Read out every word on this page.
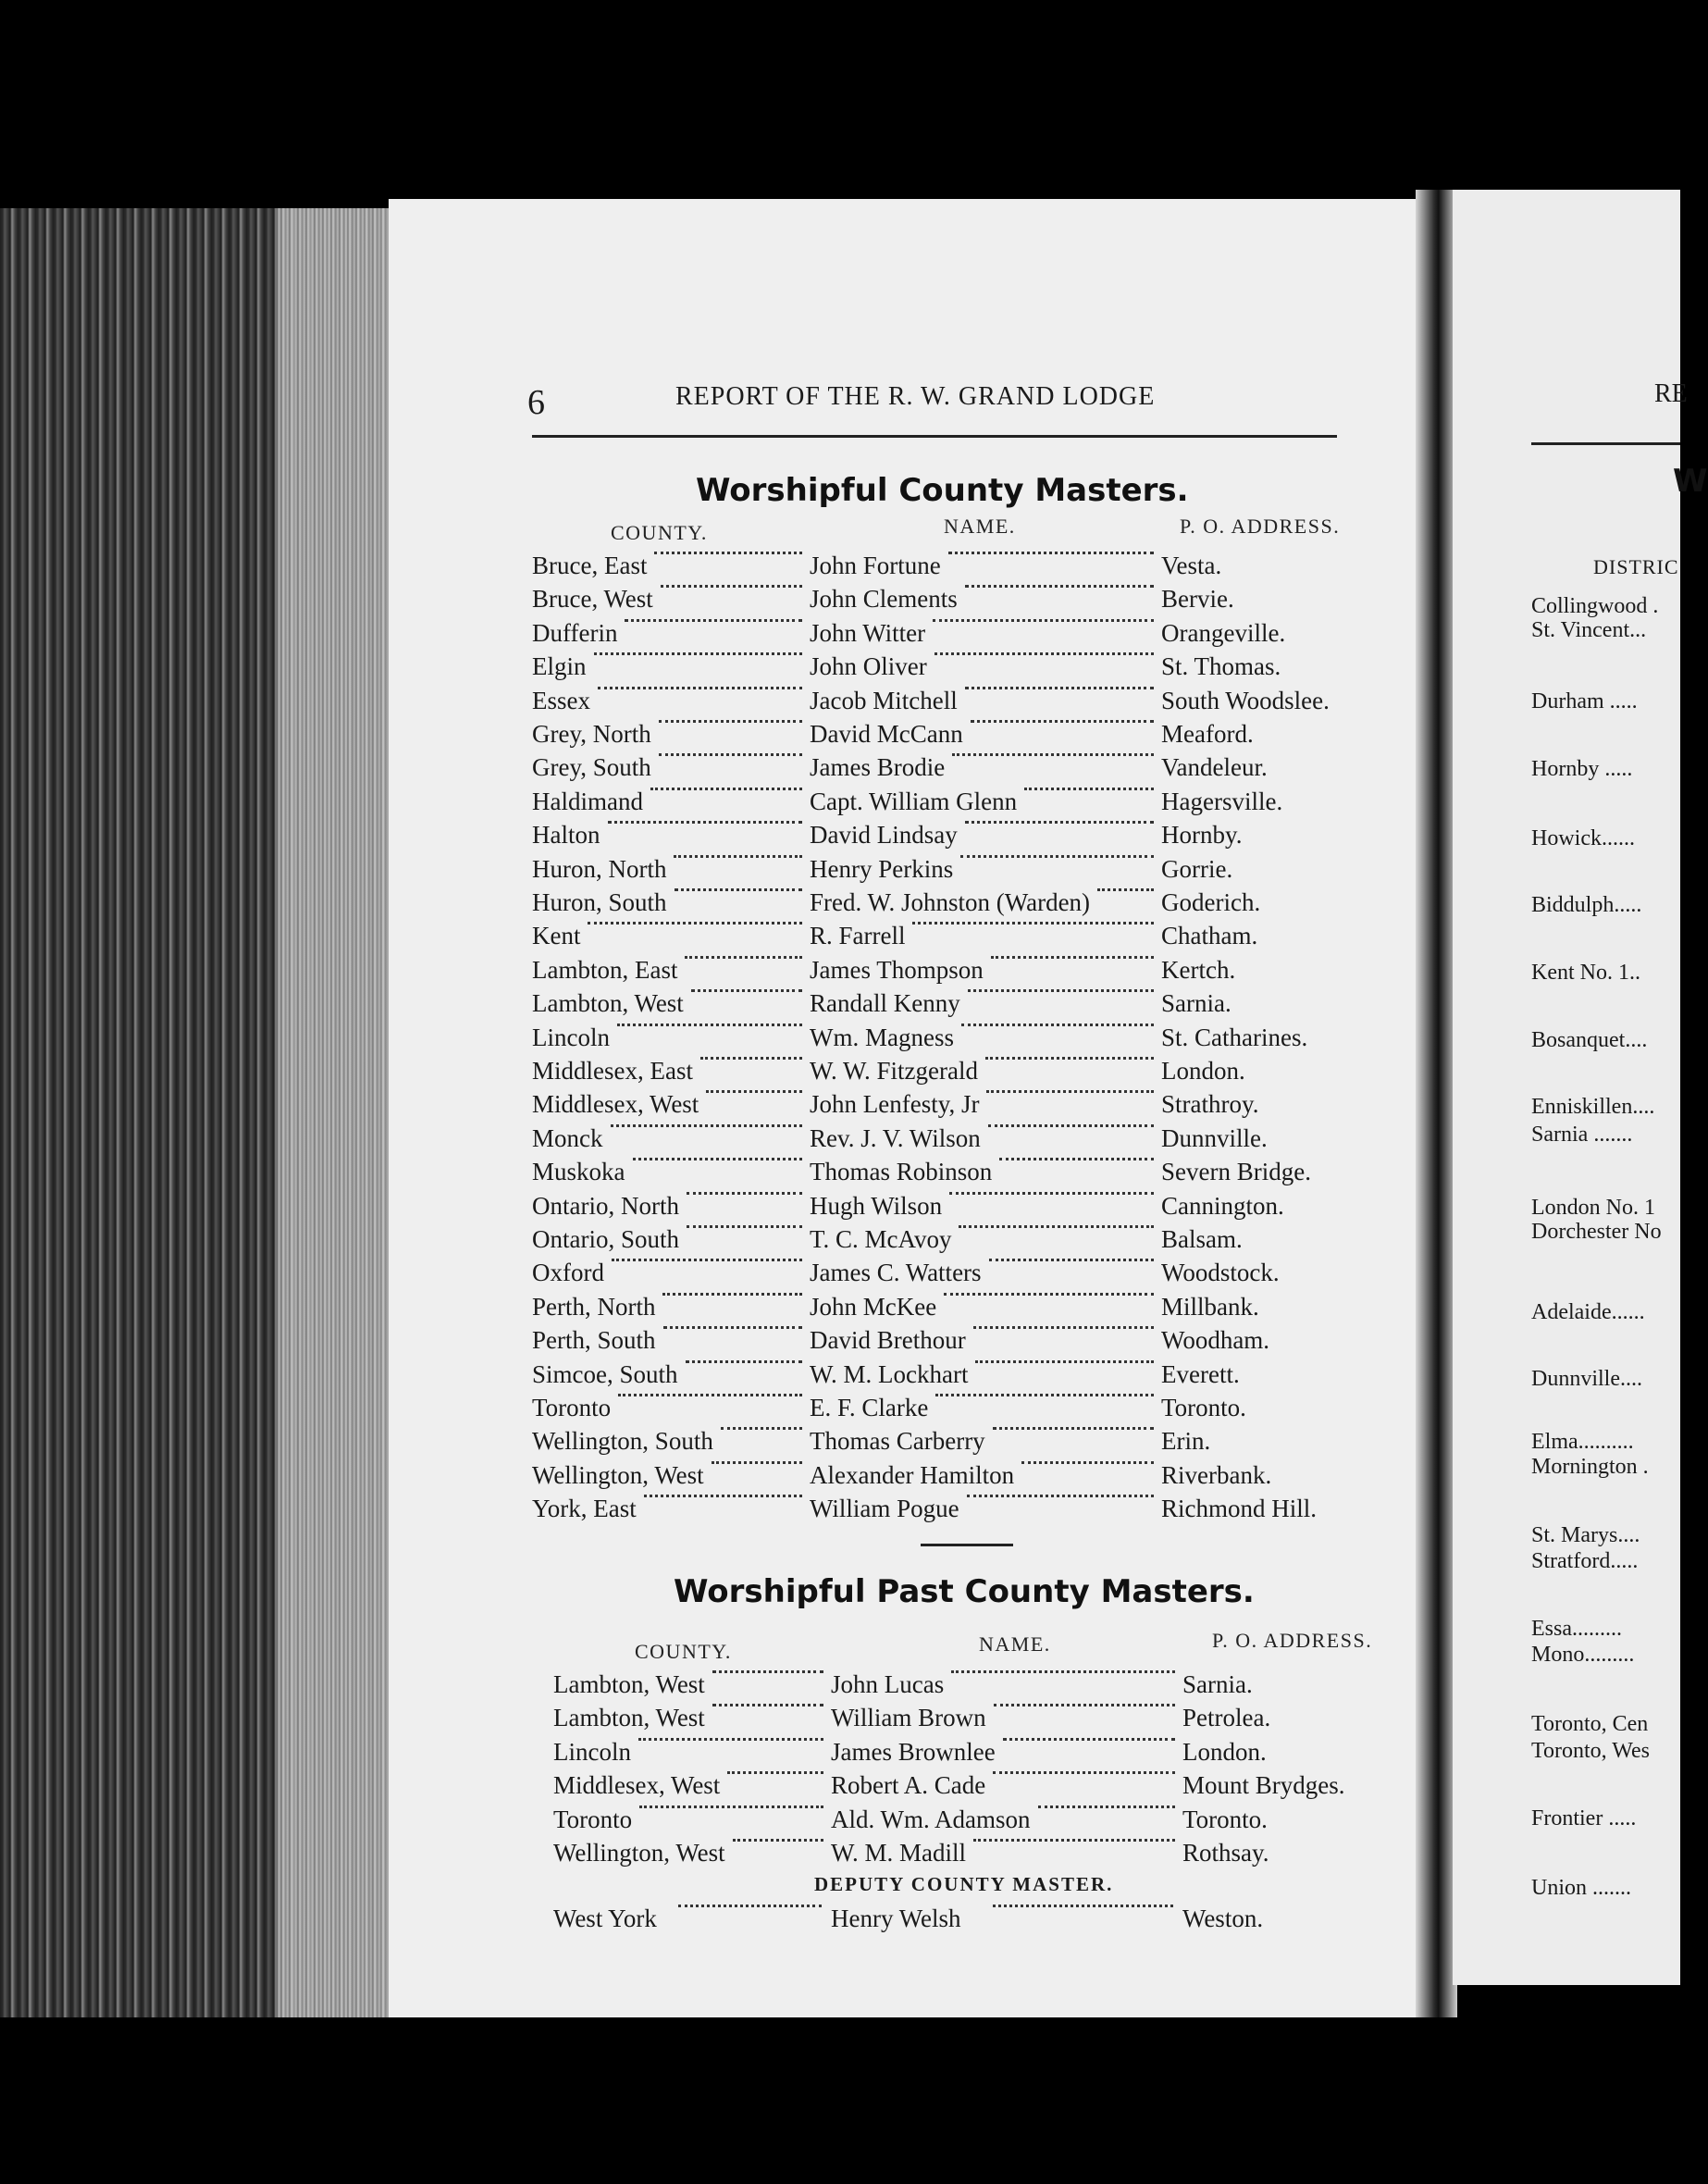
6	REPORT OF THE R. W. GRAND LODGE
Worshipful County Masters.
COUNTY.	NAME.	P. O. ADDRESS.
Bruce, East	John Fortune	Vesta.
Bruce, West	John Clements	Bervie.
Dufferin	John Witter	Orangeville.
Elgin	John Oliver	St. Thomas.
Essex	Jacob Mitchell	South Woodslee.
Grey, North	David McCann	Meaford.
Grey, South	James Brodie	Vandeleur.
Haldimand	Capt. William Glenn	Hagersville.
Halton	David Lindsay	Hornby.
Huron, North	Henry Perkins	Gorrie.
Huron, South	Fred. W. Johnston (Warden)	Goderich.
Kent	R. Farrell	Chatham.
Lambton, East	James Thompson	Kertch.
Lambton, West	Randall Kenny	Sarnia.
Lincoln	Wm. Magness	St. Catharines.
Middlesex, East	W. W. Fitzgerald	London.
Middlesex, West	John Lenfesty, Jr	Strathroy.
Monck	Rev. J. V. Wilson	Dunnville.
Muskoka	Thomas Robinson	Severn Bridge.
Ontario, North	Hugh Wilson	Cannington.
Ontario, South	T. C. McAvoy	Balsam.
Oxford	James C. Watters	Woodstock.
Perth, North	John McKee	Millbank.
Perth, South	David Brethour	Woodham.
Simcoe, South	W. M. Lockhart	Everett.
Toronto	E. F. Clarke	Toronto.
Wellington, South	Thomas Carberry	Erin.
Wellington, West	Alexander Hamilton	Riverbank.
York, East	William Pogue	Richmond Hill.
Worshipful Past County Masters.
COUNTY.	NAME.	P. O. ADDRESS.
Lambton, West	John Lucas	Sarnia.
Lambton, West	William Brown	Petrolea.
Lincoln	James Brownlee	London.
Middlesex, West	Robert A. Cade	Mount Brydges.
Toronto	Ald. Wm. Adamson	Toronto.
Wellington, West	W. M. Madill	Rothsay.
DEPUTY COUNTY MASTER.
West York	Henry Welsh	Weston.
RE
W
DISTRIC
Collingwood .
St. Vincent...
Durham .....
Hornby .....
Howick......
Biddulph.....
Kent No. 1..
Bosanquet....
Enniskillen....
Sarnia .......
London No. 1
Dorchester No
Adelaide......
Dunnville....
Elma..........
Mornington .
St. Marys....
Stratford.....
Essa.........
Mono.........
Toronto, Cen
Toronto, Wes
Frontier .....
Union .......
